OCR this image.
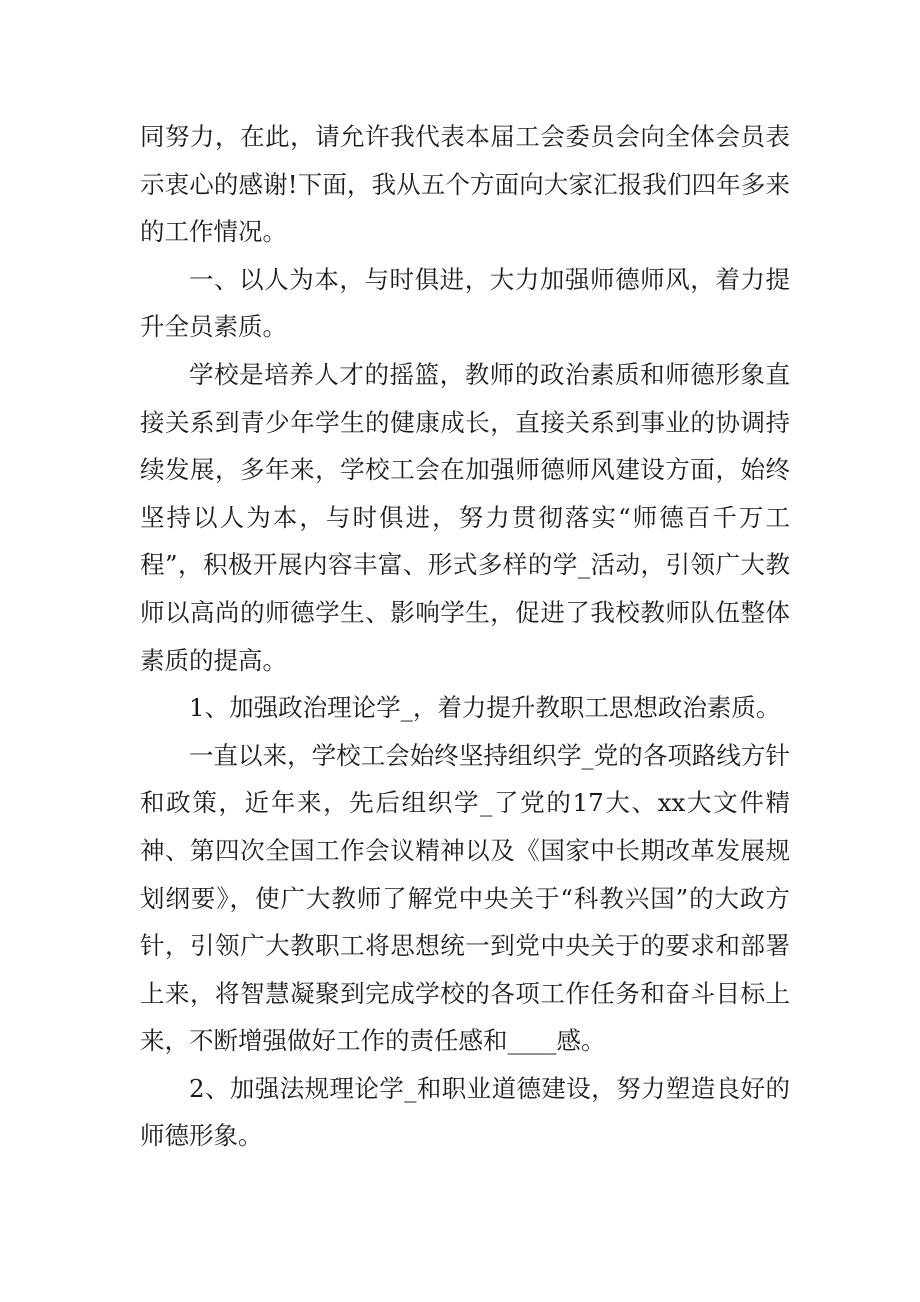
同努力，在此，请允许我代表本届工会委员会向全体会员表示衷心的感谢!下面，我从五个方面向大家汇报我们四年多来的工作情况。

一、以人为本，与时俱进，大力加强师德师风，着力提升全员素质。

学校是培养人才的摇篮，教师的政治素质和师德形象直接关系到青少年学生的健康成长，直接关系到事业的协调持续发展，多年来，学校工会在加强师德师风建设方面，始终坚持以人为本，与时俱进，努力贯彻落实“师德百千万工程”，积极开展内容丰富、形式多样的学_活动，引领广大教师以高尚的师德学生、影响学生，促进了我校教师队伍整体素质的提高。

1、加强政治理论学_，着力提升教职工思想政治素质。

一直以来，学校工会始终坚持组织学_党的各项路线方针和政策，近年来，先后组织学_了党的17大、xx大文件精神、第四次全国工作会议精神以及《国家中长期改革发展规划纲要》，使广大教师了解党中央关于“科教兴国”的大政方针，引领广大教职工将思想统一到党中央关于的要求和部署上来，将智慧凝聚到完成学校的各项工作任务和奋斗目标上来，不断增强做好工作的责任感和____感。

2、加强法规理论学_和职业道德建设，努力塑造良好的师德形象。
